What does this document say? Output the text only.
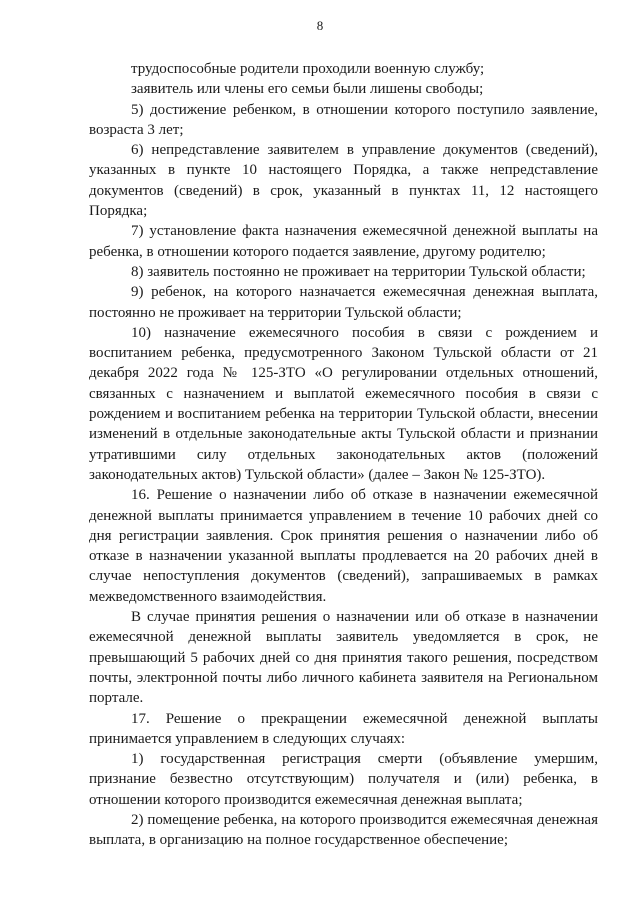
8

трудоспособные родители проходили военную службу;

заявитель или члены его семьи были лишены свободы;

5) достижение ребенком, в отношении которого поступило заявление, возраста 3 лет;

6) непредставление заявителем в управление документов (сведений), указанных в пункте 10 настоящего Порядка, а также непредставление документов (сведений) в срок, указанный в пунктах 11, 12 настоящего Порядка;

7) установление факта назначения ежемесячной денежной выплаты на ребенка, в отношении которого подается заявление, другому родителю;

8) заявитель постоянно не проживает на территории Тульской области;

9) ребенок, на которого назначается ежемесячная денежная выплата, постоянно не проживает на территории Тульской области;

10) назначение ежемесячного пособия в связи с рождением и воспитанием ребенка, предусмотренного Законом Тульской области от 21 декабря 2022 года № 125-ЗТО «О регулировании отдельных отношений, связанных с назначением и выплатой ежемесячного пособия в связи с рождением и воспитанием ребенка на территории Тульской области, внесении изменений в отдельные законодательные акты Тульской области и признании утратившими силу отдельных законодательных актов (положений законодательных актов) Тульской области» (далее – Закон № 125-ЗТО).

16. Решение о назначении либо об отказе в назначении ежемесячной денежной выплаты принимается управлением в течение 10 рабочих дней со дня регистрации заявления. Срок принятия решения о назначении либо об отказе в назначении указанной выплаты продлевается на 20 рабочих дней в случае непоступления документов (сведений), запрашиваемых в рамках межведомственного взаимодействия.

В случае принятия решения о назначении или об отказе в назначении ежемесячной денежной выплаты заявитель уведомляется в срок, не превышающий 5 рабочих дней со дня принятия такого решения, посредством почты, электронной почты либо личного кабинета заявителя на Региональном портале.

17. Решение о прекращении ежемесячной денежной выплаты принимается управлением в следующих случаях:

1) государственная регистрация смерти (объявление умершим, признание безвестно отсутствующим) получателя и (или) ребенка, в отношении которого производится ежемесячная денежная выплата;

2) помещение ребенка, на которого производится ежемесячная денежная выплата, в организацию на полное государственное обеспечение;
